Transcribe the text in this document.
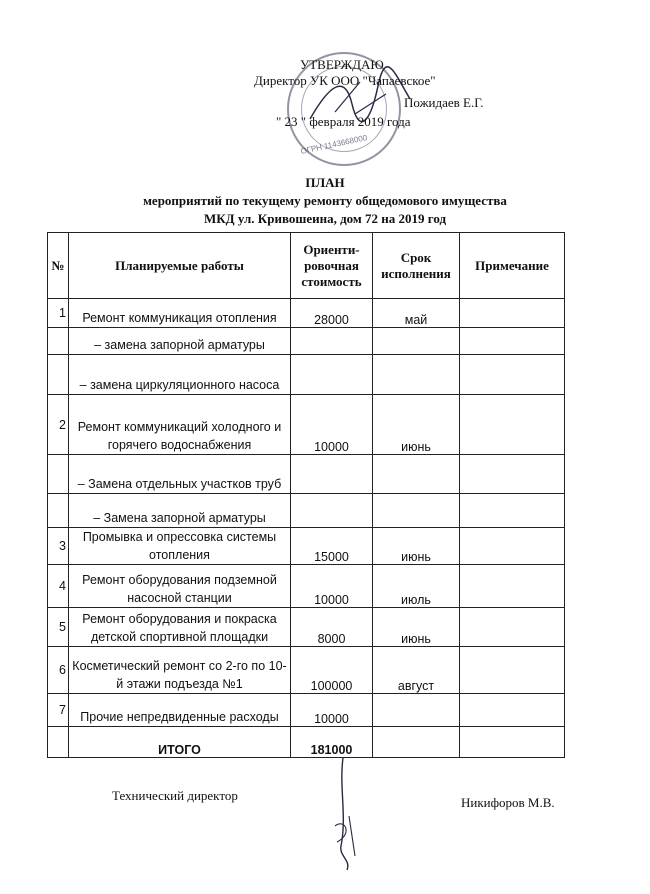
ОГРН 1143668000
УТВЕРЖДАЮ
Директор УК ООО "Чапаевское"
Пожидаев Е.Г.
" 23 " февраля 2019 года
ПЛАН
мероприятий по текущему ремонту общедомового имущества
МКД ул. Кривошеина, дом 72 на 2019 год
№	Планируемые работы	Ориенти-ровочная стоимость	Срок исполнения	Примечание
1	Ремонт коммуникация отопления	28000	май	
	– замена запорной арматуры			
	– замена циркуляционного насоса			
2	Ремонт коммуникаций холодного и горячего водоснабжения	10000	июнь	
	– Замена отдельных участков труб			
	– Замена запорной арматуры			
3	Промывка и опрессовка системы отопления	15000	июнь	
4	Ремонт оборудования подземной насосной станции	10000	июль	
5	Ремонт оборудования и покраска детской спортивной площадки	8000	июнь	
6	Косметический ремонт со 2-го по 10-й этажи подъезда №1	100000	август	
7	Прочие непредвиденные расходы	10000		
	ИТОГО	181000		
Технический директор	Никифоров М.В.
